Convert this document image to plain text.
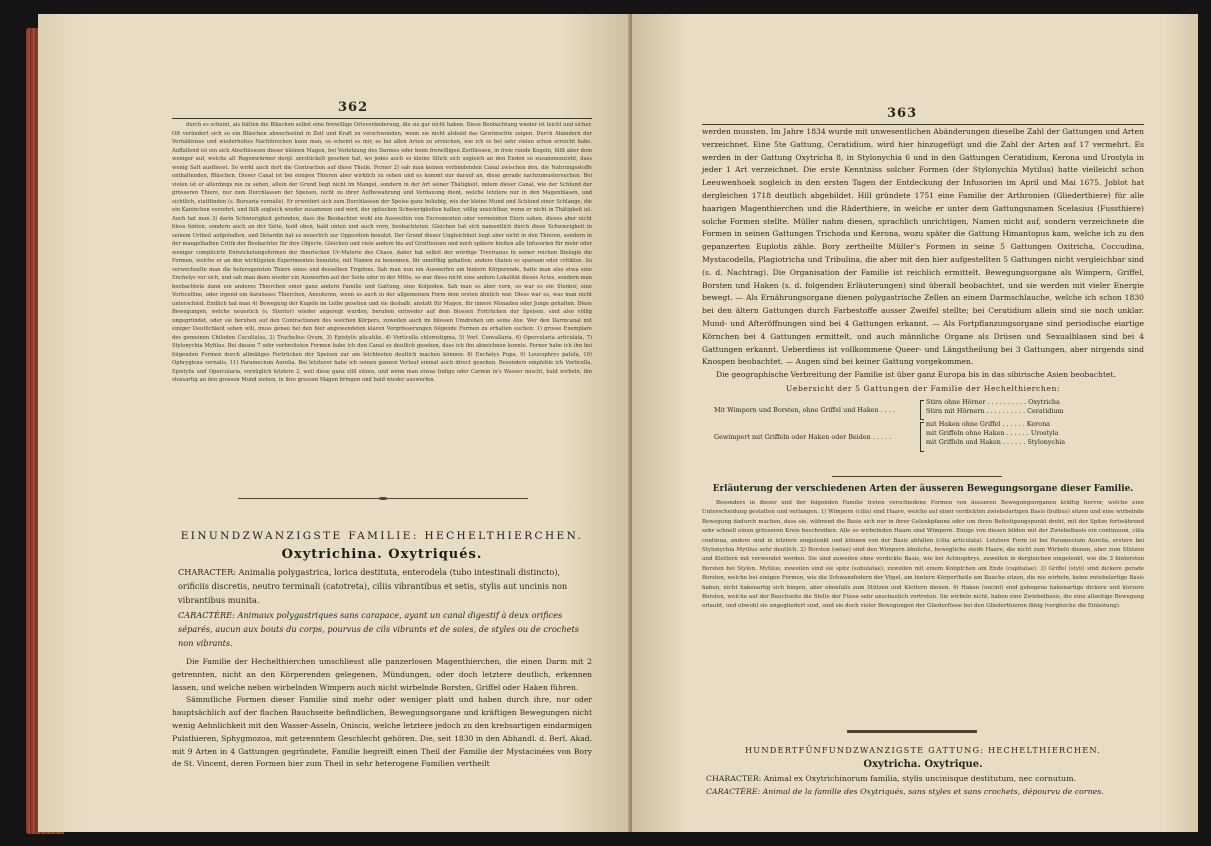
362

durch es scheint, als hätten die Bläschen selbst eine freiwillige Ortsveränderung, die sie gar nicht haben. Diese Beobachtung wieder ist leicht und sicher. Oft verändert sich so ein Bläschen abwechselnd in Zeit und Kraft zu verschwenden, wenn sie nicht alsbald das Gewünschte zeigen. Durch Abändern der Verhältnisse und wiederholtes Nachforschen kann man, so scheint es mir, es bei allen Arten zu erreichen, wie ich es bei sehr vielen schon erreicht habe. Auffallend ist ein sich Abschliessen dieser kleinen Magen, bei Verletzung des Darmes oder beim freiwilligen Zerfliessen, in freie runde Kugeln, füllt aber dem weniger auf, welche alt Regenwürmer dergl. zerstückelt gesehen hat, wo jedes auch so kleine Stück sich sogleich an den Enden so zusammenzieht, dass wenig Saft ausfliesst. So wirkt auch dort die Contraction auf diese Theile. Ferner 2) sah man keinen verbindenden Canal zwischen den, die Nahrungsstoffe enthaltenden, Bläschen. Dieser Canal ist bei einigen Thieren aber wirklich zu sehen und es kommt nur darauf an, diese gerade nachzumustersuchen. Bei vielen ist er allerdings nie zu sehen, allein der Grund liegt nicht im Mangel, sondern in der Art seiner Thätigkeit, indem dieser Canal, wie der Schlund der grösseren Thiere, nur zum Durchlassen der Speisen, nicht zu ihrer Aufbewahrung und Verdauung dient, welche letztere nur in den Magenblasen, und sichtlich, stattfinden (s. Bursaria vernalis). Er erweitert sich zum Durchlassen der Speise ganz beliebig, wie der kleine Mund und Schlund einer Schlange, die ein Kaninchen verzehrt, und fällt sogleich wieder zusammen und wird, der optischen Schwierigkeiten halber, völlig unsichtbar, wenn er nicht in Thätigkeit ist. Auch hat man 3) darin Schwierigkeit gefunden, dass die Beobachter wohl ein Ausweifen von Excrementen oder vermeinten Eiern sahen, dieses aber nicht bloss hinten, sondern auch an der Seite, bald oben, bald unten und auch vorn, beobachteten. Gleichen hat sich namentlich durch diese Schwierigkeit in seinem Urtheil aufgehalten, und Detardin hat es neuerlich zur Opposition benutzt. Der Grund dieser Ungleichheit liegt aber nicht in den Thieren, sondern in der mangelhaften Critik der Beobachter für ihre Objecte. Gleichen und viele andere bis auf Gruithuisen und noch spätere hielten alle Infusorien für mehr oder weniger complicirte Entwickelungsformen der thierischen Ur-Materie des Chaos, daher hat selbst der würdige Treviranus in seiner reichen Biologie die Formen, welche er an den wichtigsten Experimenten benutzte, mit Namen zu benennen, für unnöthig gehalten; andere thaten es sparsam oder critiklos. So verwechselte man die heterogensten Thiere eines und desselben Tropfens. Sah man nun ein Auswerfen am hintern Körperende, hatte man also etwa eine Enchelys vor sich, und sah man dann wieder ein Auswerfen auf der Seite oder in der Mitte, so war diess nicht eine andere Lokalität dieses Actes, sondern man beobachtete dann ein anderes Thierchen einer ganz andern Familie und Gattung, eine Kolpoden. Sah man es aber vorn, so war es ein Stentor, eine Vorticelline, oder irgend ein daraüsses Thierchen, Aneuteron, wenn es auch in der allgemeinen Form dem ersten ähnlich war. Diess war es, was man nicht unterschied. Endlich hat man 4) Bewegung der Kugeln im Leibe gesehen und sie deshalb, anstatt für Magen, für innere Monaden oder Junge gehalten. Diese Bewegungen, welche neuerlich (s. Stentor) wieder angeregt wurden, beruhen entweder auf dem blossen Fortrücken der Speisen, sind also völlig ungegründet, oder sie beruhen auf den Contractionen des weichen Körpers, zuweilen auch im blossen Umdrehen um seine Axe. Wer den Darmcanal mit einiger Deutlichkeit sehen will, muss genau bei den hier angewendeten klaren Vergrösserungen folgende Formen zu erhalten suchen: 1) grosse Exemplare des gemeinen Chilodon Cucullulus, 2) Trachelius Ovum, 3) Epistylis plicatilis, 4) Vorticella chlorostigma, 5) Vort. Convallaria, 6) Opercularia articulata, 7) Stylonychia Mytilus. Bei diesen 7 sehr verbreiteten Formen habe ich den Canal so deutlich gesehen, dass ich ihn abzeichnen konnte. Ferner habe ich ihn bei folgenden Formen durch allmäliges Fortrücken der Speisen zur am leichtesten deutlich machen können: 8) Enchelys Pupa, 9) Leucophrys patula, 10) Ophryglena vernalis, 11) Paramecium Aurelia. Bei letzterer habe ich seinen ganzen Verlauf einmal auch direct gesehen. Besonders empfehle ich Vorticella, Epistylis und Opercularia, vorzüglich letztere 2, weil diese ganz still sitzen, und wenn man etwas Indigo oder Carmin in's Wasser mischt, bald wirbeln, ihn stossartig an den grossen Mund ziehen, in ihre grossen Magen bringen und bald wieder auswerfen.

EINUNDZWANZIGSTE FAMILIE: HECHELTHIERCHEN.
Oxytrichina. Oxytriqués.
CHARACTER: Animalia polygastrica, lorica destituta, enterodela (tubo intestinali distincto), orificiis discretis, neutro terminali (catotreta), ciliis vibrantibus et setis, stylis aut uncinis non vibrantibus munita.
CARACTÈRE: Animaux polygastriques sans carapace, ayant un canal digestif à deux orifices séparés, aucun aux bouts du corps, pourvus de cils vibrants et de soies, de styles ou de crochets non vibrants.

Die Familie der Hechelthierchen umschliesst alle panzerlosen Magenthierchen, die einen Darm mit 2 getrennten, nicht an den Körperenden gelegenen, Mündungen, oder doch letztere deutlich, erkennen lassen, und welche neben wirbelnden Wimpern auch nicht wirbelnde Borsten, Griffel oder Haken führen.

Sämmtliche Formen dieser Familie sind mehr oder weniger platt und haben durch ihre, nur oder hauptsächlich auf der flachen Bauchseite befindlichen, Bewegungsorgane und kräftigen Bewegungen nicht wenig Aehnlichkeit mit den Wasser-Asseln, Oniscis, welche letztere jedoch zu den krebsartigen eindarmigen Pulsthieren, Sphygmozoa, mit getrenntem Geschlecht gehören. Die, seit 1830 in den Abhandl. d. Berl. Akad. mit 9 Arten in 4 Gattungen gegründete, Familie begreift einen Theil der Familie der Mystacinées von Bory de St. Vincent, deren Formen hier zum Theil in sehr heterogene Familien vertheilt

363

werden mussten. Im Jahre 1834 wurde mit unwesentlichen Abänderungen dieselbe Zahl der Gattungen und Arten verzeichnet. Eine 5te Gattung, Ceratidium, wird hier hinzugefügt und die Zahl der Arten auf 17 vermehrt. Es werden in der Gattung Oxytricha 8, in Stylonychia 6 und in den Gattungen Ceratidium, Kerona und Urostyla in jeder 1 Art verzeichnet. Die erste Kenntniss solcher Formen (der Stylonychia Mytilus) hatte vielleicht schon Leeuwenhoek sogleich in den ersten Tagen der Entdeckung der Infusorien im April und Mai 1675. Joblot hat dergleichen 1718 deutlich abgebildet. Hill gründete 1751 eine Familie der Arthronien (Gliederthiere) für alle haarigen Magenthierchen und die Räderthiere, in welche er unter dem Gattungsnamen Scelasius (Fussthiere) solche Formen stellte. Müller nahm diesen, sprachlich unrichtigen, Namen nicht auf, sondern verzeichnete die Formen in seinen Gattungen Trichoda und Kerona, wozu später die Gattung Himantopus kam, welche ich zu den gepanzerten Euplotis zähle. Bory zertheilte Müller's Formen in seine 5 Gattungen Oxitricha, Coccudina, Mystacodella, Plagiotricha und Tribulina, die aber mit den hier aufgestellten 5 Gattungen nicht vergleichbar sind (s. d. Nachtrag). Die Organisation der Familie ist reichlich ermittelt. Bewegungsorgane als Wimpern, Griffel, Borsten und Haken (s. d. folgenden Erläuterungen) sind überall beobachtet, und sie werden mit vieler Energie bewegt. — Als Ernährungsorgane dienen polygastrische Zellen an einem Darmschlauche, welche ich schon 1830 bei den ältern Gattungen durch Farbestoffe ausser Zweifel stellte; bei Ceratidium allein sind sie noch unklar. Mund- und Afteröffnungen sind bei 4 Gattungen erkannt. — Als Fortpflanzungsorgane sind periodische eiartige Körnchen bei 4 Gattungen ermittelt, und auch männliche Organe als Drüsen und Sexualblasen sind bei 4 Gattungen erkannt. Ueberdiess ist vollkommene Queer- und Längstheilung bei 3 Gattungen, aber nirgends sind Knospen beobachtet. — Augen sind bei keiner Gattung vorgekommen.

Die geographische Verbreitung der Familie ist über ganz Europa bis in das sibirische Asien beobachtet.

Uebersicht der 5 Gattungen der Familie der Hechelthierchen:
Mit Wimpern und Borsten, ohne Griffel und Haken . . . .
Gewimpert mit Griffeln oder Haken oder Beiden . . . . .
Stirn ohne Hörner . . . . . . . . . . Oxytricha
Stirn mit Hörnern . . . . . . . . . . Ceratidium
mit Haken ohne Griffel . . . . . . Kerona
mit Griffeln ohne Haken . . . . . . Urostyla
mit Griffeln und Haken . . . . . . Stylonychia
Erläuterung der verschiedenen Arten der äusseren Bewegungsorgane dieser Familie.

Besonders in dieser und der folgenden Familie treten verschiedene Formen von äusseren Bewegungsorganen kräftig hervor, welche eine Unterscheidung gestatten und verlangen. 1) Wimpern (cilia) sind Haare, welche auf einer verdickten zwiebelartigen Basis (bulbus) sitzen und eine wirbelnde Bewegung dadurch machen, dass sie, während die Basis sich nur in ihrer Gelenkpfanne oder um ihren Befestigungspunkt dreht, mit der Spitze fortwährend sehr schnell einen grösseren Kreis beschreiben. Alle so wirbelnden Haare sind Wimpern. Einige von diesen bilden mit der Zwiebelbasis ein continuum, cilia continua, andere sind in letztere eingelenkt und können von der Basis abfallen (cilia articulata). Letztere Form ist bei Paramecium Aurelia, erstere bei Stylonychia Mytilus sehr deutlich. 2) Borsten (setae) sind den Wimpern ähnliche, bewegliche steife Haare, die nicht zum Wirbeln dienen, aber zum Stützen und Klettern mit verwendet werden. Sie sind zuweilen ohne verdickte Basis, wie bei Actinophrys, zuweilen in dergleichen eingelenkt, wie die 3 hintersten Borsten bei Stylon. Mytilus, zuweilen sind sie spitz (subulatae), zuweilen mit einem Knöpfchen am Ende (capitatae). 3) Griffel (styli) sind dickere gerade Borsten, welche bei einigen Formen, wie die Schwanzfedern der Vögel, am hintern Körpertheile am Bauche sitzen, die nie wirbeln, keine zwiebelartige Basis haben, nicht hakenartig sich biegen, aber ebenfalls zum Stützen und Klettern dienen. 4) Haken (uncini) sind gebogene hakenartige dickere und kürzere Borsten, welche auf der Bauchseite die Stelle der Füsse sehr anschaulich vertreten. Sie wirbeln nicht, haben eine Zwiebelbasis, die eine allseitige Bewegung erlaubt, und obwohl sie ungegliedert sind, sind sie doch vieler Bewegungen der Gliederfüsse bei den Gliederthieren fähig (vergleiche die Einleitung).

HUNDERTFÜNFUNDZWANZIGSTE GATTUNG: HECHELTHIERCHEN.
Oxytricha. Oxytrique.
CHARACTER: Animal ex Oxytrichinorum familia, stylis uncinisque destitutum, nec cornutum.
CARACTÈRE: Animal de la famille des Oxytriqués, sans styles et sans crochets, dépourvu de cornes.
